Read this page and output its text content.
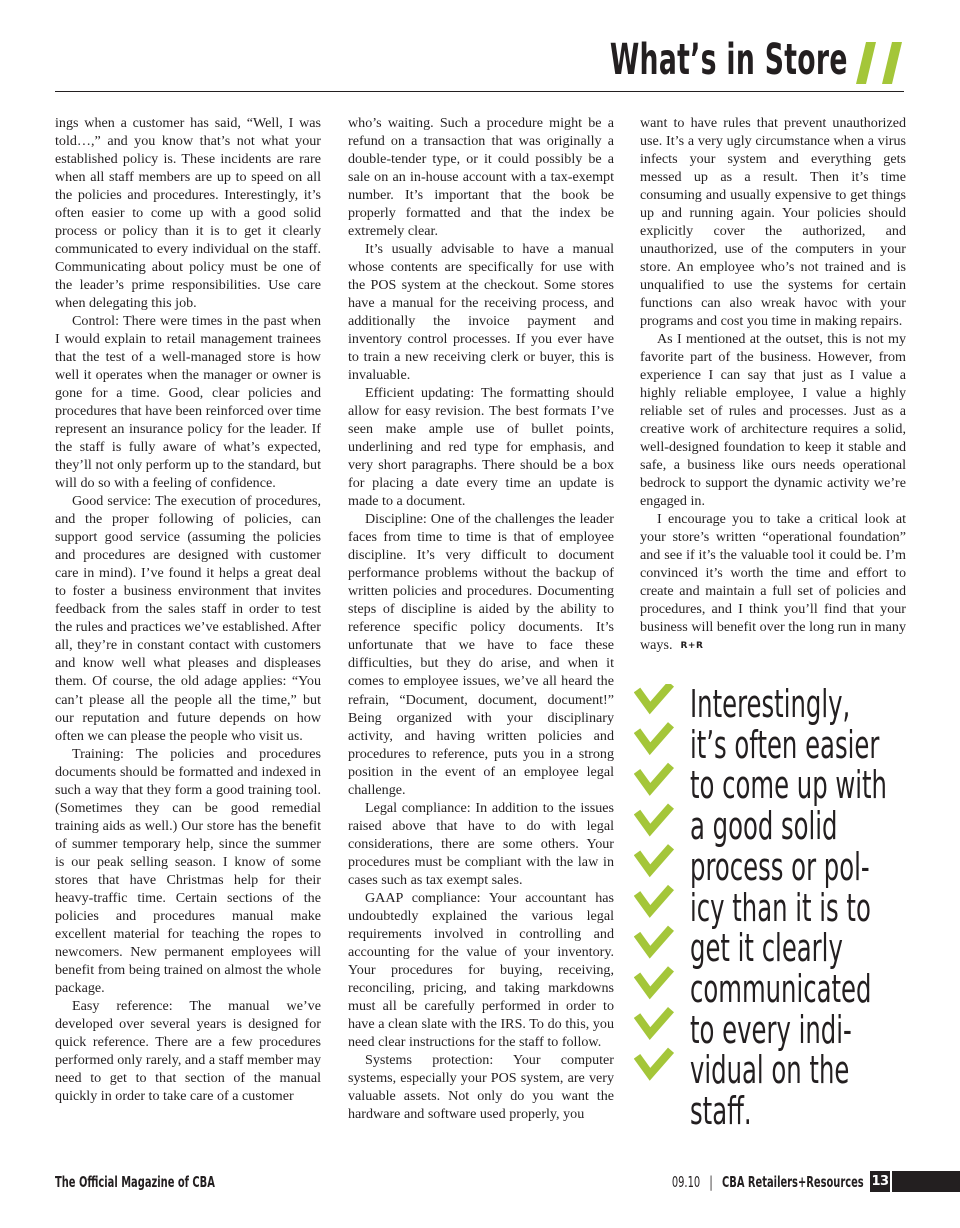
What’s in Store

ings when a customer has said, “Well, I was told…,” and you know that’s not what your established policy is. These incidents are rare when all staff members are up to speed on all the policies and procedures. Interestingly, it’s often easier to come up with a good solid process or policy than it is to get it clearly communicated to every individual on the staff. Communicating about policy must be one of the leader’s prime responsibilities. Use care when delegating this job.

Control: There were times in the past when I would explain to retail management trainees that the test of a well-managed store is how well it operates when the manager or owner is gone for a time. Good, clear policies and procedures that have been reinforced over time represent an insurance policy for the leader. If the staff is fully aware of what’s expected, they’ll not only perform up to the standard, but will do so with a feeling of confidence.

Good service: The execution of procedures, and the proper following of policies, can support good service (assuming the policies and procedures are designed with customer care in mind). I’ve found it helps a great deal to foster a business environment that invites feedback from the sales staff in order to test the rules and practices we’ve established. After all, they’re in constant contact with customers and know well what pleases and displeases them. Of course, the old adage applies: “You can’t please all the people all the time,” but our reputation and future depends on how often we can please the people who visit us.

Training: The policies and procedures documents should be formatted and indexed in such a way that they form a good training tool. (Sometimes they can be good remedial training aids as well.) Our store has the benefit of summer temporary help, since the summer is our peak selling season. I know of some stores that have Christmas help for their heavy-traffic time. Certain sections of the policies and procedures manual make excellent material for teaching the ropes to newcomers. New permanent employees will benefit from being trained on almost the whole package.

Easy reference: The manual we’ve developed over several years is designed for quick reference. There are a few procedures performed only rarely, and a staff member may need to get to that section of the manual quickly in order to take care of a customer

who’s waiting. Such a procedure might be a refund on a transaction that was originally a double-tender type, or it could possibly be a sale on an in-house account with a tax-exempt number. It’s important that the book be properly formatted and that the index be extremely clear.

It’s usually advisable to have a manual whose contents are specifically for use with the POS system at the checkout. Some stores have a manual for the receiving process, and additionally the invoice payment and inventory control processes. If you ever have to train a new receiving clerk or buyer, this is invaluable.

Efficient updating: The formatting should allow for easy revision. The best formats I’ve seen make ample use of bullet points, underlining and red type for emphasis, and very short paragraphs. There should be a box for placing a date every time an update is made to a document.

Discipline: One of the challenges the leader faces from time to time is that of employee discipline. It’s very difficult to document performance problems without the backup of written policies and procedures. Documenting steps of discipline is aided by the ability to reference specific policy documents. It’s unfortunate that we have to face these difficulties, but they do arise, and when it comes to employee issues, we’ve all heard the refrain, “Document, document, document!” Being organized with your disciplinary activity, and having written policies and procedures to reference, puts you in a strong position in the event of an employee legal challenge.

Legal compliance: In addition to the issues raised above that have to do with legal considerations, there are some others. Your procedures must be compliant with the law in cases such as tax exempt sales.

GAAP compliance: Your accountant has undoubtedly explained the various legal requirements involved in controlling and accounting for the value of your inventory. Your procedures for buying, receiving, reconciling, pricing, and taking markdowns must all be carefully performed in order to have a clean slate with the IRS. To do this, you need clear instructions for the staff to follow.

Systems protection: Your computer systems, especially your POS system, are very valuable assets. Not only do you want the hardware and software used properly, you

want to have rules that prevent unauthorized use. It’s a very ugly circumstance when a virus infects your system and everything gets messed up as a result. Then it’s time consuming and usually expensive to get things up and running again. Your policies should explicitly cover the authorized, and unauthorized, use of the computers in your store. An employee who’s not trained and is unqualified to use the systems for certain functions can also wreak havoc with your programs and cost you time in making repairs.

As I mentioned at the outset, this is not my favorite part of the business. However, from experience I can say that just as I value a highly reliable employee, I value a highly reliable set of rules and processes. Just as a creative work of architecture requires a solid, well-designed foundation to keep it stable and safe, a business like ours needs operational bedrock to support the dynamic activity we’re engaged in.

I encourage you to take a critical look at your store’s written “operational foundation” and see if it’s the valuable tool it could be. I’m convinced it’s worth the time and effort to create and maintain a full set of policies and procedures, and I think you’ll find that your business will benefit over the long run in many ways. R+R

Interestingly,
it’s often easier
to come up with
a good solid
process or pol-
icy than it is to
get it clearly
communicated
to every indi-
vidual on the
staff.
The Official Magazine of CBA	09.10 | CBA Retailers+Resources 13
